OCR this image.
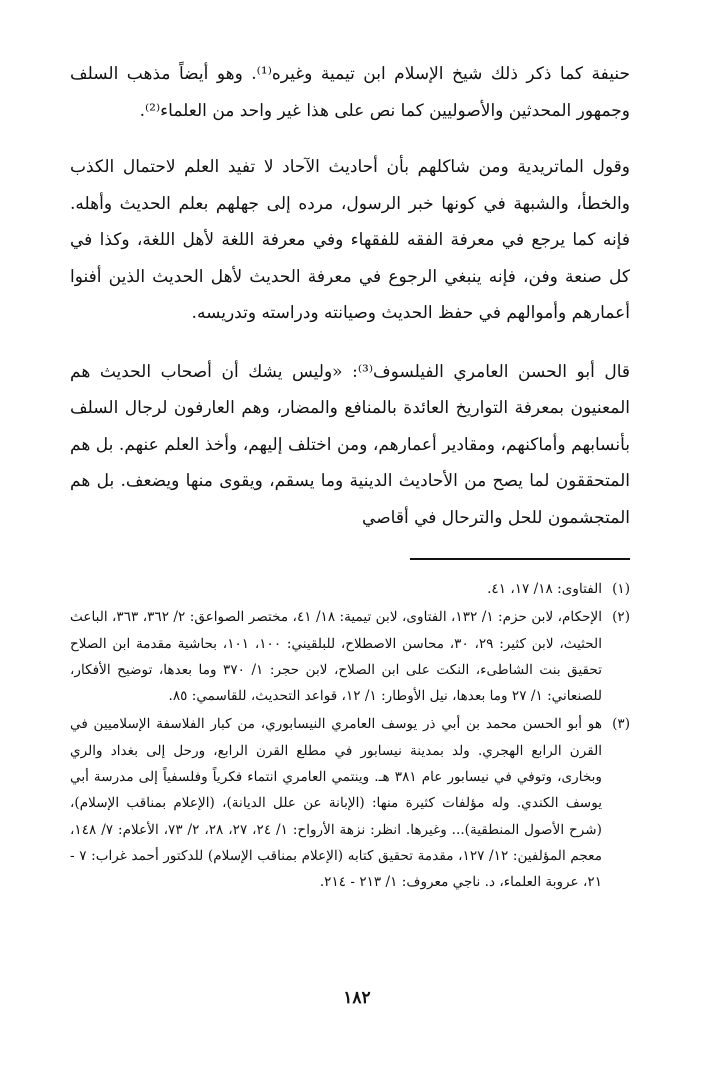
حنيفة كما ذكر ذلك شيخ الإسلام ابن تيمية وغيره⁽¹⁾. وهو أيضاً مذهب السلف وجمهور المحدثين والأصوليين كما نص على هذا غير واحد من العلماء⁽²⁾.

وقول الماتريدية ومن شاكلهم بأن أحاديث الآحاد لا تفيد العلم لاحتمال الكذب والخطأ، والشبهة في كونها خبر الرسول، مرده إلى جهلهم بعلم الحديث وأهله. فإنه كما يرجع في معرفة الفقه للفقهاء وفي معرفة اللغة لأهل اللغة، وكذا في كل صنعة وفن، فإنه ينبغي الرجوع في معرفة الحديث لأهل الحديث الذين أفنوا أعمارهم وأموالهم في حفظ الحديث وصيانته ودراسته وتدريسه.

قال أبو الحسن العامري الفيلسوف⁽³⁾: «وليس يشك أن أصحاب الحديث هم المعنيون بمعرفة التواريخ العائدة بالمنافع والمضار، وهم العارفون لرجال السلف بأنسابهم وأماكنهم، ومقادير أعمارهم، ومن اختلف إليهم، وأخذ العلم عنهم. بل هم المتحققون لما يصح من الأحاديث الدينية وما يسقم، ويقوى منها ويضعف. بل هم المتجشمون للحل والترحال في أقاصي

(١)
الفتاوى: ١٨/ ١٧، ٤١.
(٢)
الإحكام، لابن حزم: ١/ ١٣٢، الفتاوى، لابن تيمية: ١٨/ ٤١، مختصر الصواعق: ٢/ ٣٦٢، ٣٦٣، الباعث الحثيث، لابن كثير: ٢٩، ٣٠، محاسن الاصطلاح، للبلقيني: ١٠٠، ١٠١، بحاشية مقدمة ابن الصلاح تحقيق بنت الشاطىء، النكت على ابن الصلاح، لابن حجر: ١/ ٣٧٠ وما بعدها، توضيح الأفكار، للصنعاني: ١/ ٢٧ وما بعدها، نيل الأوطار: ١/ ١٢، قواعد التحديث، للقاسمي: ٨٥.
(٣)
هو أبو الحسن محمد بن أبي ذر يوسف العامري النيسابوري، من كبار الفلاسفة الإسلاميين في القرن الرابع الهجري. ولد بمدينة نيسابور في مطلع القرن الرابع، ورحل إلى بغداد والري وبخارى، وتوفي في نيسابور عام ٣٨١ هـ. وينتمي العامري انتماء فكرياً وفلسفياً إلى مدرسة أبي يوسف الكندي. وله مؤلفات كثيرة منها: (الإبانة عن علل الديانة)، (الإعلام بمناقب الإسلام)، (شرح الأصول المنطقية)... وغيرها. انظر: نزهة الأرواح: ١/ ٢٤، ٢٧، ٢٨، ٢/ ٧٣، الأعلام: ٧/ ١٤٨، معجم المؤلفين: ١٢/ ١٢٧، مقدمة تحقيق كتابه (الإعلام بمناقب الإسلام) للدكتور أحمد غراب: ٧ - ٢١، عروبة العلماء، د. ناجي معروف: ١/ ٢١٣ - ٢١٤.
١٨٢
